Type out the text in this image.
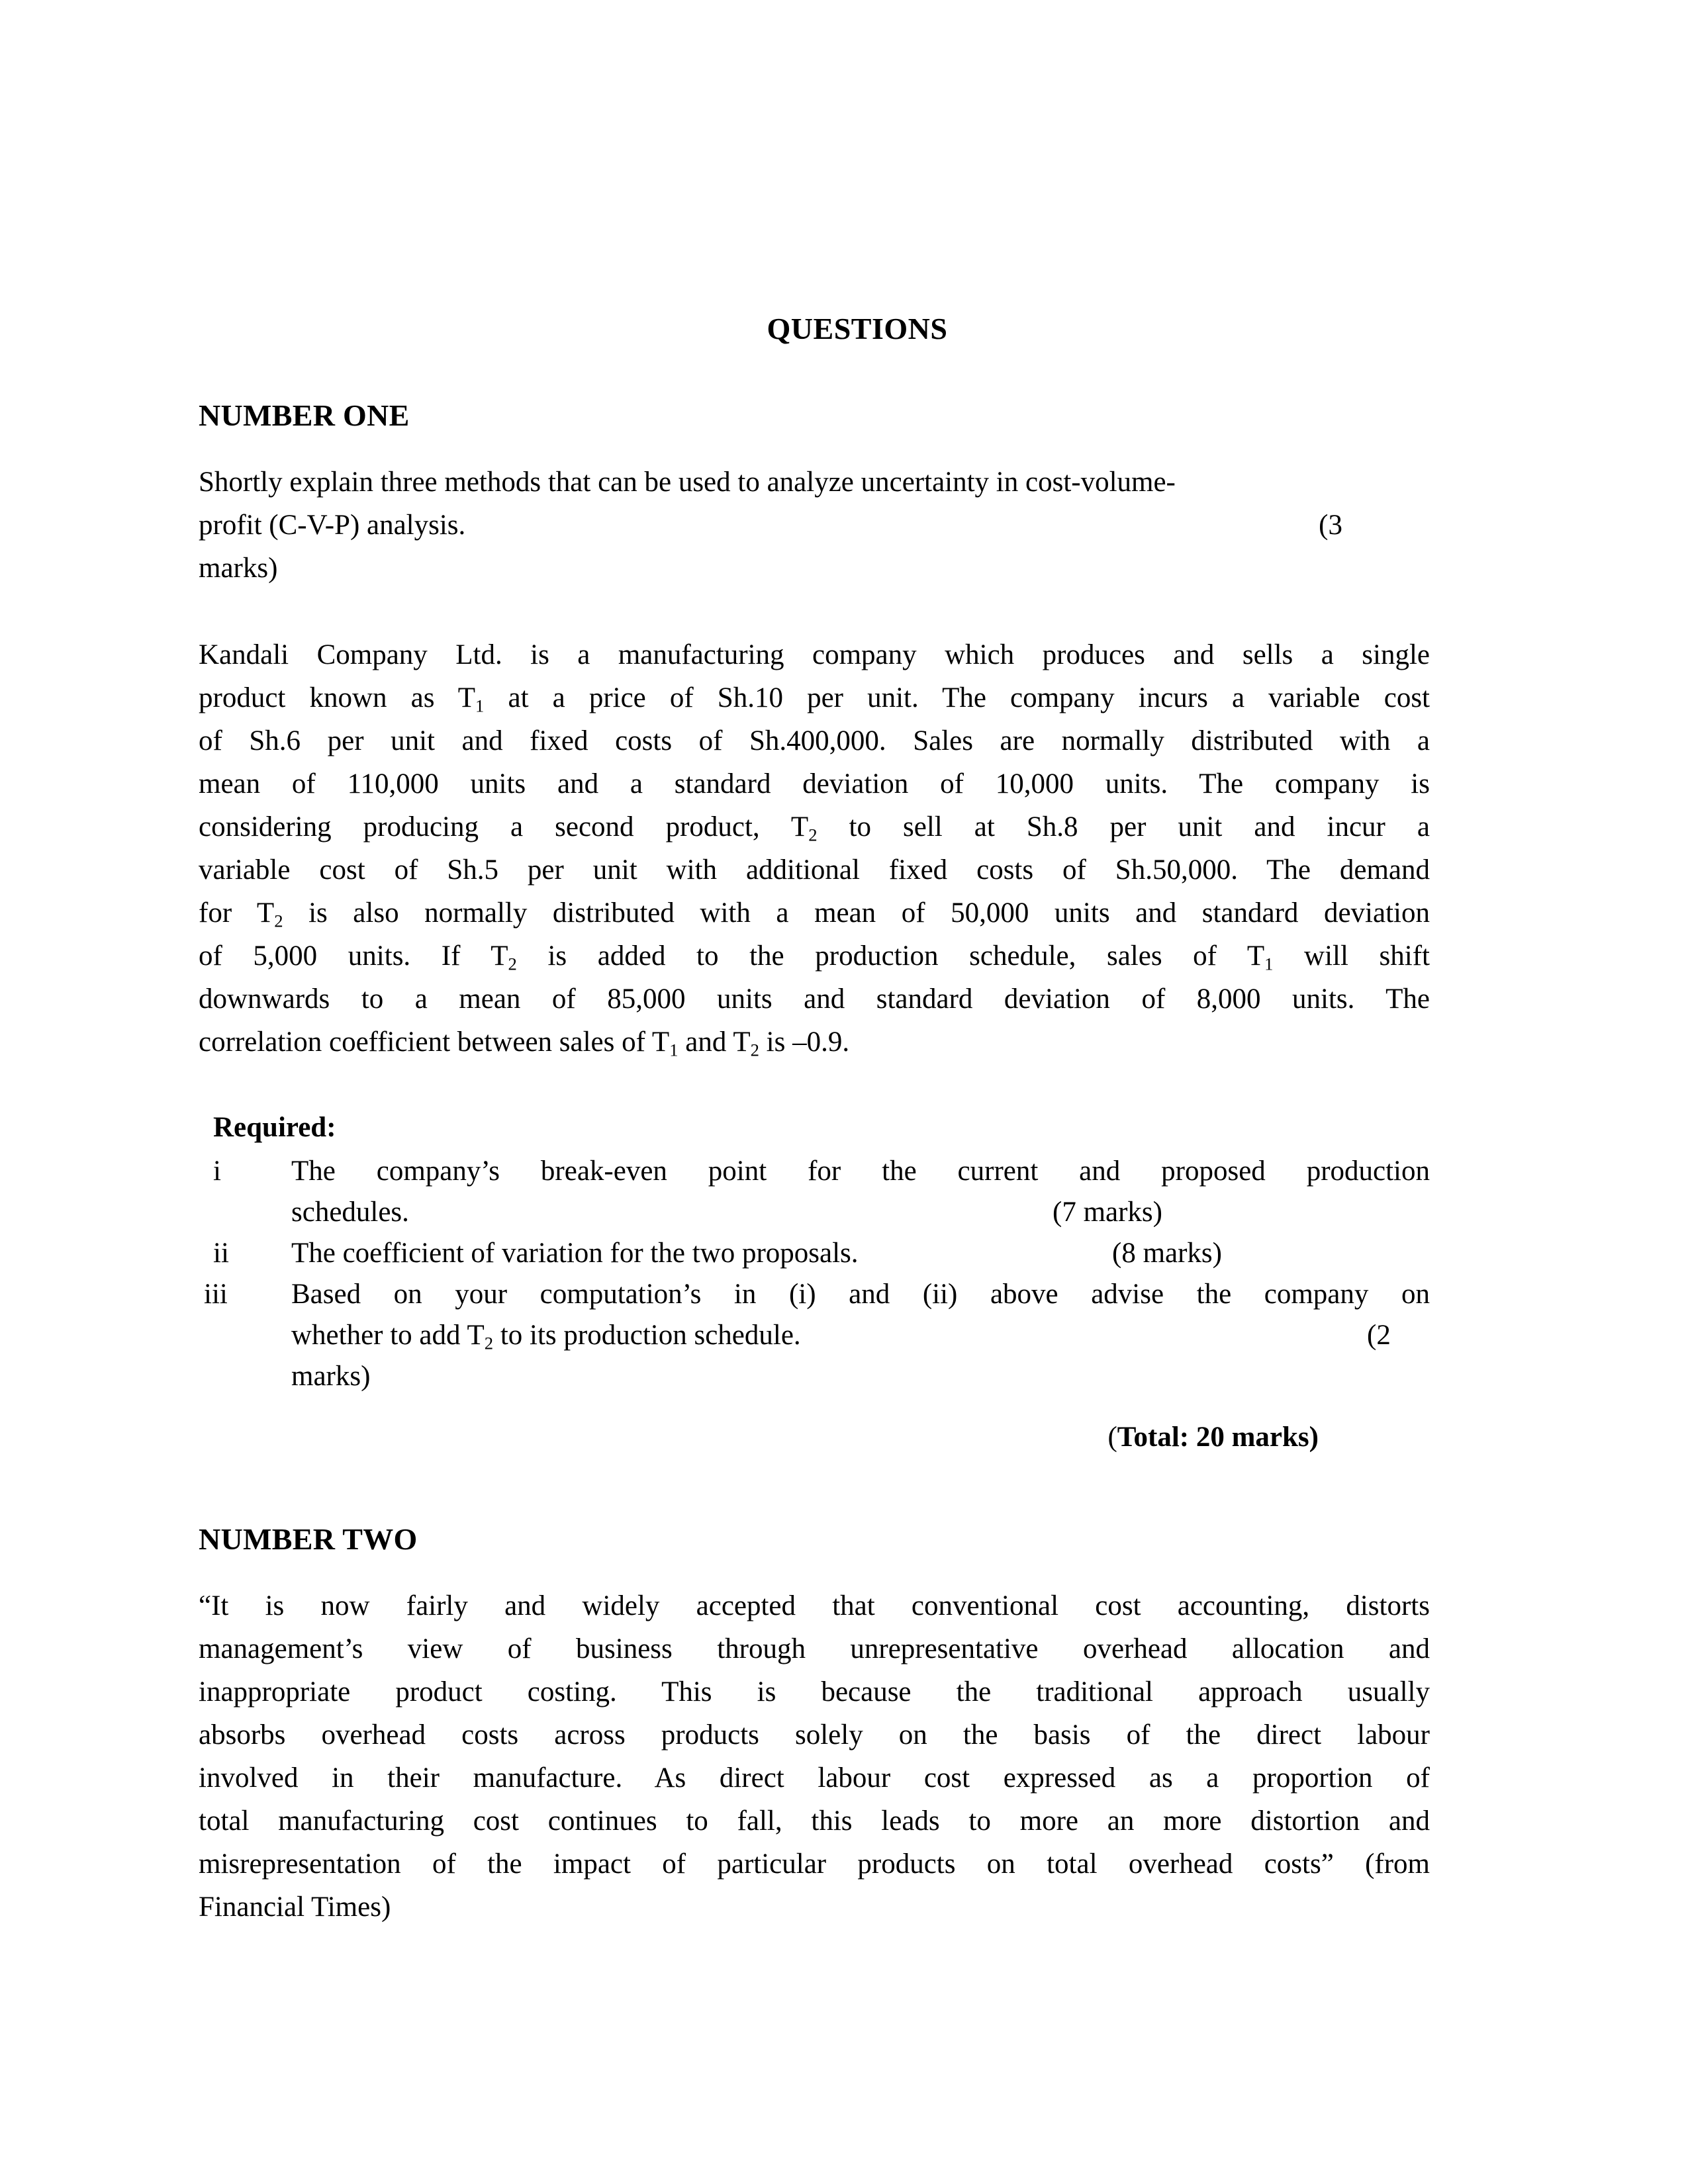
QUESTIONS
NUMBER ONE
Shortly explain three methods that can be used to analyze uncertainty in cost-volume-
profit (C-V-P) analysis.	(3
marks)
Kandali Company Ltd. is a manufacturing company which produces and sells a single
product known as $T_1$ at a price of Sh.10 per unit. The company incurs a variable cost
of Sh.6 per unit and fixed costs of Sh.400,000. Sales are normally distributed with a
mean of 110,000 units and a standard deviation of 10,000 units. The company is
considering producing a second product, $T_2$ to sell at Sh.8 per unit and incur a
variable cost of Sh.5 per unit with additional fixed costs of Sh.50,000. The demand
for $T_2$ is also normally distributed with a mean of 50,000 units and standard deviation
of 5,000 units. If $T_2$ is added to the production schedule, sales of $T_1$ will shift
downwards to a mean of 85,000 units and standard deviation of 8,000 units. The
correlation coefficient between sales of $T_1$ and $T_2$ is –0.9.
Required:
i	The company’s break-even point for the current and proposed production
schedules.	(7 marks)
ii	The coefficient of variation for the two proposals.	(8 marks)
iii	Based on your computation’s in (i) and (ii) above advise the company on
whether to add $T_2$ to its production schedule.	(2
marks)
(Total: 20 marks)
NUMBER TWO
“It is now fairly and widely accepted that conventional cost accounting, distorts
management’s view of business through unrepresentative overhead allocation and
inappropriate product costing. This is because the traditional approach usually
absorbs overhead costs across products solely on the basis of the direct labour
involved in their manufacture. As direct labour cost expressed as a proportion of
total manufacturing cost continues to fall, this leads to more an more distortion and
misrepresentation of the impact of particular products on total overhead costs” (from
Financial Times)
